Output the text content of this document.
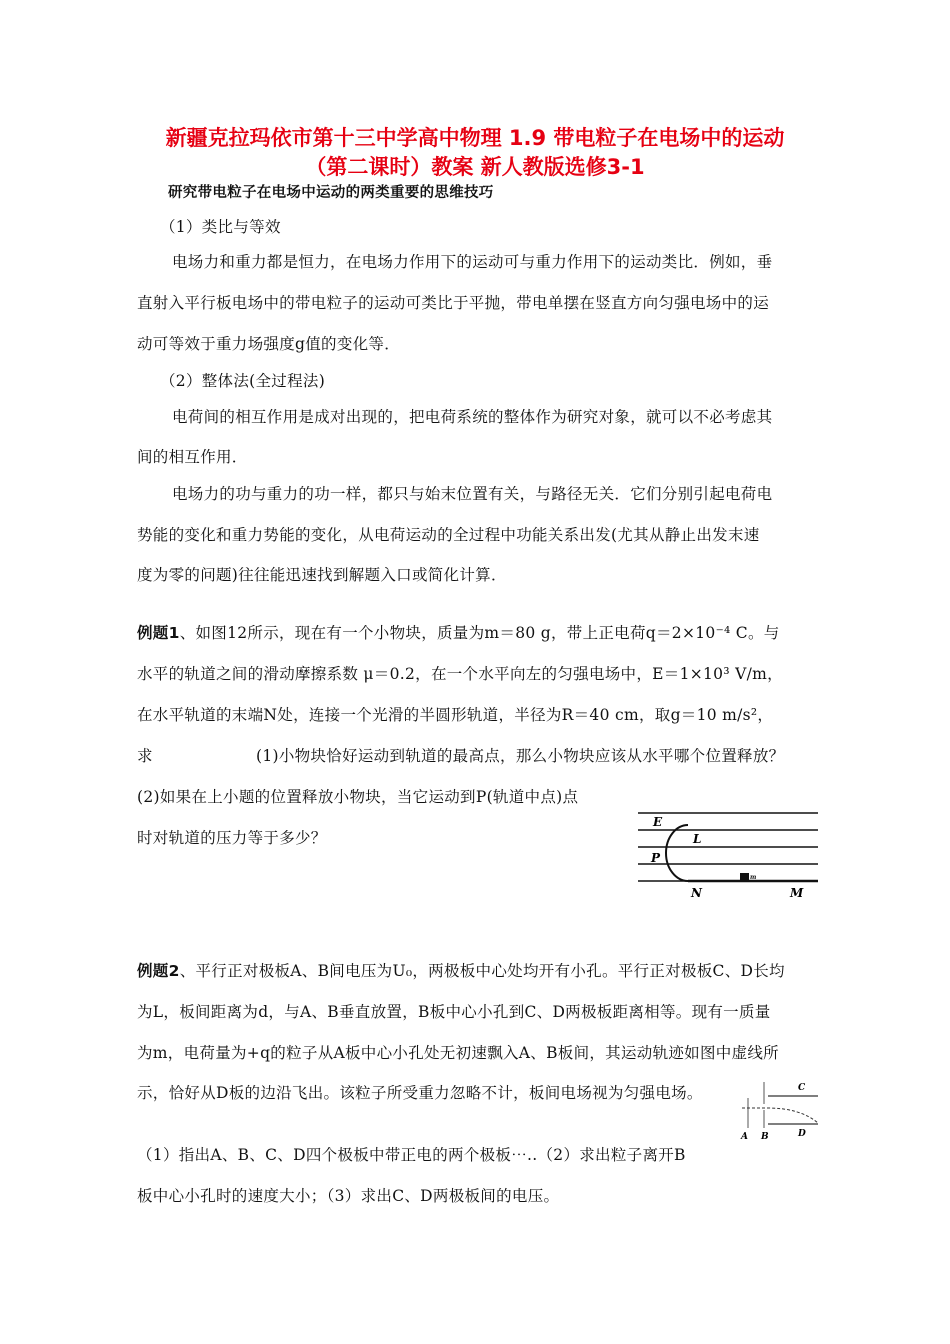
新疆克拉玛依市第十三中学高中物理 1.9 带电粒子在电场中的运动
（第二课时）教案 新人教版选修3-1
研究带电粒子在电场中运动的两类重要的思维技巧
（1）类比与等效
电场力和重力都是恒力，在电场力作用下的运动可与重力作用下的运动类比．例如，垂
直射入平行板电场中的带电粒子的运动可类比于平抛，带电单摆在竖直方向匀强电场中的运
动可等效于重力场强度g值的变化等．
（2）整体法(全过程法)
电荷间的相互作用是成对出现的，把电荷系统的整体作为研究对象，就可以不必考虑其
间的相互作用．
电场力的功与重力的功一样，都只与始末位置有关，与路径无关．它们分别引起电荷电
势能的变化和重力势能的变化，从电荷运动的全过程中功能关系出发(尤其从静止出发末速
度为零的问题)往往能迅速找到解题入口或简化计算．
例题1、如图12所示，现在有一个小物块，质量为m＝80 g，带上正电荷q＝2×10⁻⁴ C。与
水平的轨道之间的滑动摩擦系数 μ＝0.2，在一个水平向左的匀强电场中，E＝1×10³ V/m，
在水平轨道的末端N处，连接一个光滑的半圆形轨道，半径为R＝40 cm，取g＝10 m/s²，
求	(1)小物块恰好运动到轨道的最高点，那么小物块应该从水平哪个位置释放？
(2)如果在上小题的位置释放小物块，当它运动到P(轨道中点)点
时对轨道的压力等于多少？
m
E
L
P
N	M
例题2、平行正对极板A、B间电压为U₀，两极板中心处均开有小孔。平行正对极板C、D长均
为L，板间距离为d，与A、B垂直放置，B板中心小孔到C、D两极板距离相等。现有一质量
为m，电荷量为+q的粒子从A板中心小孔处无初速飘入A、B板间，其运动轨迹如图中虚线所
示，恰好从D板的边沿飞出。该粒子所受重力忽略不计，板间电场视为匀强电场。	C
A B	D
（1）指出A、B、C、D四个极板中带正电的两个极板⋯..（2）求出粒子离开B
板中心小孔时的速度大小；（3）求出C、D两极板间的电压。
